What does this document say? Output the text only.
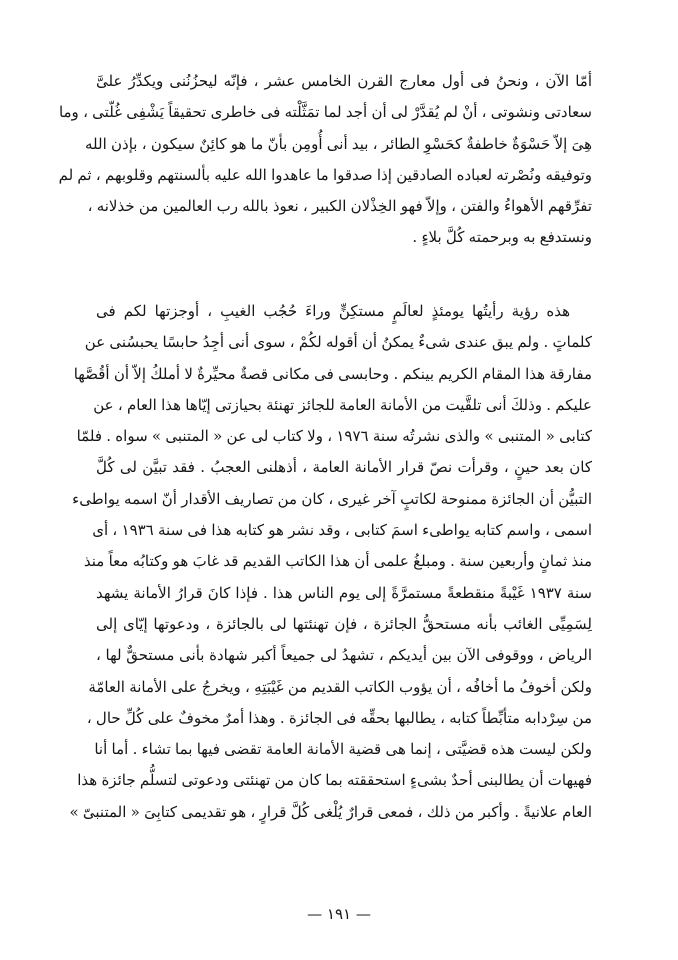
أمّا الآن ، ونحنُ فى أول معارج القرن الخامس عشر ، فإنّه ليحزُنُنى ويكدِّرُ علىَّ
سعادتى ونشوتى ، أنْ لم يُقدَّرْ لى أن أجد لما تمَثَّلْته فى خاطرى تحقيقاً يَشْفِى غُلّتى ، وما
هِىَ إلاّ حَسْوَةٌ خاطفةٌ كحَسْوِ الطائر ، بيد أنى أُومِن بأنّ ما هو كائِنٌ سيكون ، بإذن الله
وتوفيقه ونُصْرته لعباده الصادقين إذا صدقوا ما عاهدوا الله عليه بألسنتهم وقلوبهم ، ثم لم
تفرِّقهم الأهواءُ والفتن ، وإلاّ فهو الخِذْلان الكبير ، نعوذ بالله رب العالمين من خذلانه ،
ونستدفع به وبرحمته كُلَّ بلاءٍ .
هذه رؤية رأيتُها يومئذٍ لعالَمٍ مستكِنٍّ وراءَ حُجُب الغيبِ ، أوجزتها لكم فى
كلماتٍ . ولم يبق عندى شىءٌ يمكنُ أن أقوله لكُمْ ، سوى أنى أجِدُ حابسًا يحبسُنى عن
مفارقة هذا المقام الكريم بينكم . وحابسى فى مكانى قصةٌ محيِّرةٌ لا أملكُ إلاّ أن أقُصَّها
عليكم . وذلكَ أنى تلقَّيت من الأمانة العامة للجائز تهنئة بحيازتى إيّاها هذا العام ، عن
كتابى « المتنبى » والذى نشرتُه سنة ١٩٧٦ ، ولا كتاب لى عن « المتنبى » سواه . فلمّا
كان بعد حينٍ ، وقرأت نصّ قرار الأمانة العامة ، أذهلنى العجبُ . فقد تبيَّن لى كُلَّ
التبيُّن أن الجائزة ممنوحة لكاتبٍ آخر غيرى ، كان من تصاريف الأقدار أنّ اسمه يواطىء
اسمى ، واسم كتابه يواطىء اسمَ كتابى ، وقد نشر هو كتابه هذا فى سنة ١٩٣٦ ، أى
منذ ثمانٍ وأربعين سنة . ومبلغُ علمى أن هذا الكاتب القديم قد غابَ هو وكتابُه معاً منذ
سنة ١٩٣٧ غَيْبةً منقطعةً مستمرَّةً إلى يوم الناس هذا . فإذا كانَ قرارُ الأمانة يشهد
لِسَمِيِّى الغائب بأنه مستحقُّ الجائزة ، فإن تهنئتها لى بالجائزة ، ودعوتها إيّاى إلى
الرياض ، ووقوفى الآن بين أيديكم ، تشهدُ لى جميعاً أكبر شهادة بأنى مستحقٌّ لها ،
ولكن أخوفُ ما أخافُه ، أن يؤوب الكاتب القديم من غَيْبَتِهِ ، ويخرجُ على الأمانة العامّة
من سِرْدابه متأبِّطاً كتابه ، يطالبها بحقِّه فى الجائزة . وهذا أمرٌ مخوفٌ على كُلِّ حال ،
ولكن ليست هذه قضيَّتى ، إنما هى قضية الأمانة العامة تقضى فيها بما تشاء . أما أنا
فهيهات أن يطالبنى أحدٌ بشىءٍ استحققته بما كان من تهنئتى ودعوتى لتسلُّم جائزة هذا
العام علانيةً . وأكبر من ذلك ، فمعى قرارٌ يُلْغى كُلَّ قرارٍ ، هو تقديمى كتابِىَ « المتنبىّ »
— ١٩١ —
